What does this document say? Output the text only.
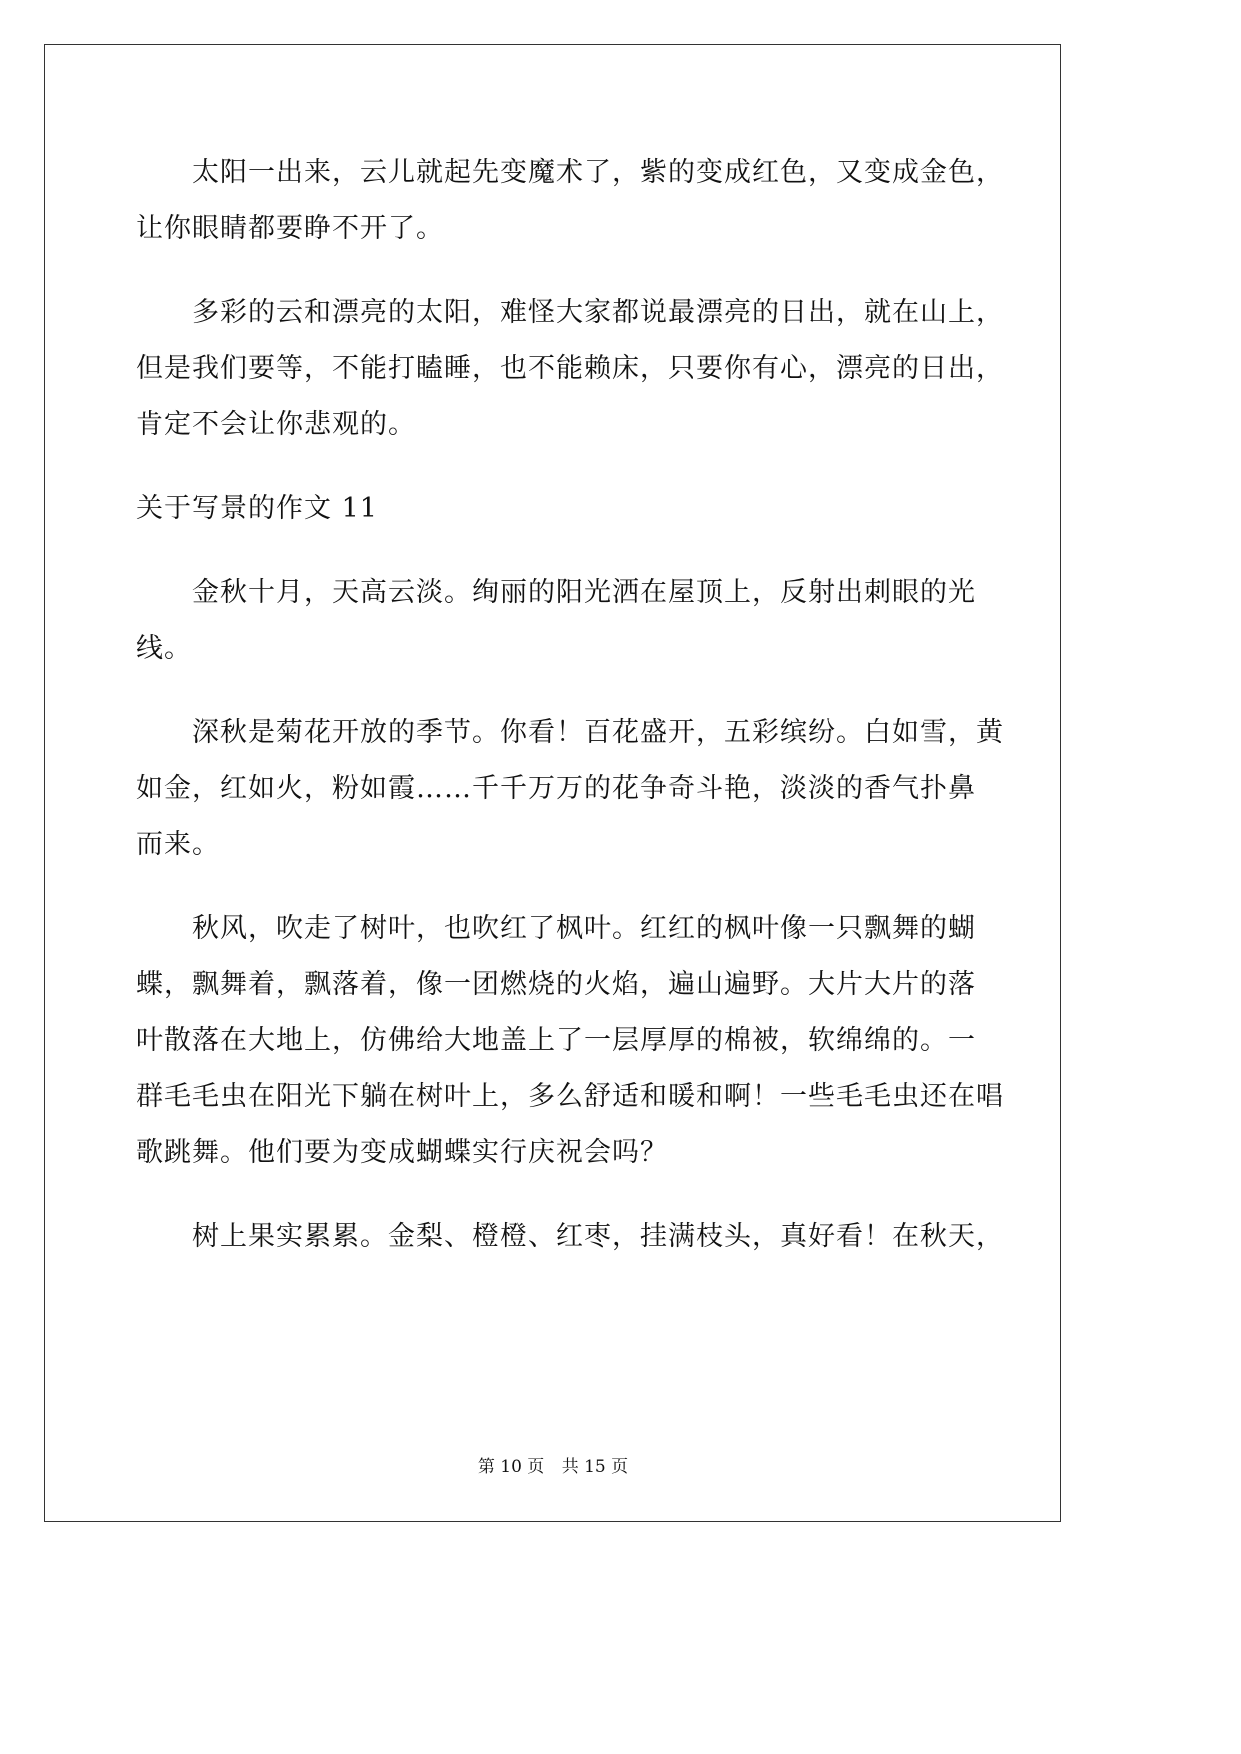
太阳一出来，云儿就起先变魔术了，紫的变成红色，又变成金色，
让你眼睛都要睁不开了。
多彩的云和漂亮的太阳，难怪大家都说最漂亮的日出，就在山上，
但是我们要等，不能打瞌睡，也不能赖床，只要你有心，漂亮的日出，
肯定不会让你悲观的。
关于写景的作文 11
金秋十月，天高云淡。绚丽的阳光洒在屋顶上，反射出刺眼的光
线。
深秋是菊花开放的季节。你看！百花盛开，五彩缤纷。白如雪，黄
如金，红如火，粉如霞……千千万万的花争奇斗艳，淡淡的香气扑鼻
而来。
秋风，吹走了树叶，也吹红了枫叶。红红的枫叶像一只飘舞的蝴
蝶，飘舞着，飘落着，像一团燃烧的火焰，遍山遍野。大片大片的落
叶散落在大地上，仿佛给大地盖上了一层厚厚的棉被，软绵绵的。一
群毛毛虫在阳光下躺在树叶上，多么舒适和暖和啊！一些毛毛虫还在唱
歌跳舞。他们要为变成蝴蝶实行庆祝会吗？
树上果实累累。金梨、橙橙、红枣，挂满枝头，真好看！在秋天，
第 10 页 共 15 页
